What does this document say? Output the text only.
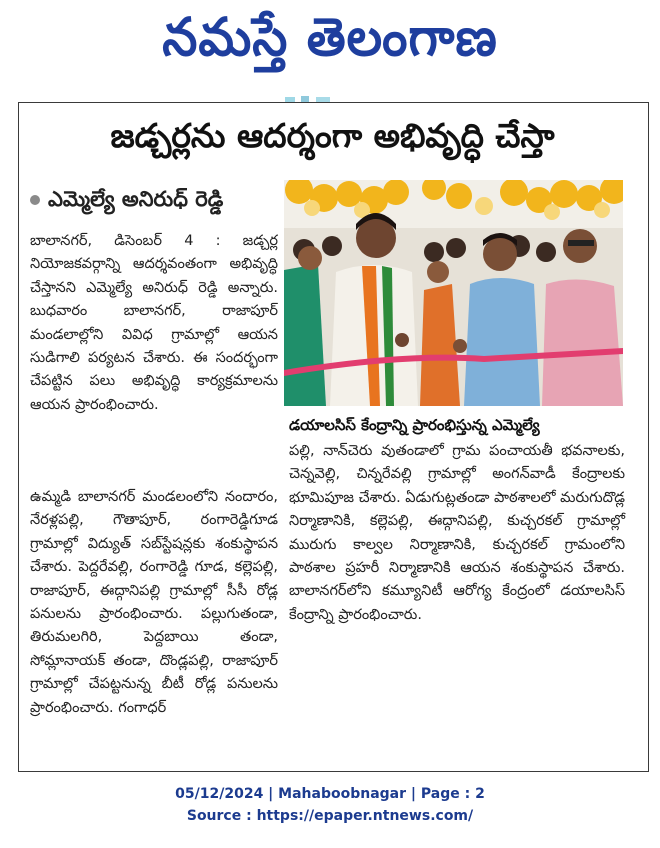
నమస్తే తెలంగాణ
జడ్చర్లను ఆదర్శంగా అభివృద్ధి చేస్తా
ఎమ్మెల్యే అనిరుధ్ రెడ్డి
డయాలసిస్ కేంద్రాన్ని ప్రారంభిస్తున్న ఎమ్మెల్యే
బాలానగర్, డిసెంబర్ 4 : జడ్చర్ల నియోజకవర్గాన్ని ఆదర్శవంతంగా అభివృద్ధి చేస్తానని ఎమ్మెల్యే అనిరుధ్ రెడ్డి అన్నారు. బుధవారం బాలానగర్, రాజాపూర్ మండలాల్లోని వివిధ గ్రామాల్లో ఆయన సుడిగాలి పర్యటన చేశారు. ఈ సందర్భంగా చేపట్టిన పలు అభివృద్ధి కార్యక్రమాలను ఆయన ప్రారంభించారు.
ఉమ్మడి బాలానగర్ మండలంలోని నందారం, నేరళ్లపల్లి, గౌతాపూర్, రంగారెడ్డిగూడ గ్రామాల్లో విద్యుత్ సబ్‌స్టేషన్లకు శంకుస్థాపన చేశారు. పెద్దరేవల్లి, రంగారెడ్డి గూడ, కల్లెపల్లి, రాజాపూర్, ఈద్గానిపల్లి గ్రామాల్లో సీసీ రోడ్ల పనులను ప్రారంభించారు. పల్లుగుతండా, తిరుమలగిరి, పెద్దబాయి తండా, సోమ్లానాయక్ తండా, దొండ్లపల్లి, రాజాపూర్ గ్రామాల్లో చేపట్టనున్న బీటీ రోడ్ల పనులను ప్రారంభించారు. గంగాధర్
పల్లి, నాన్‌చెరు వుతండాలో గ్రామ పంచాయతీ భవనాలకు, చెన్నవెల్లి, చిన్నరేవల్లి గ్రామాల్లో అంగన్‌వాడీ కేంద్రాలకు భూమిపూజ చేశారు. ఏడుగుట్లతండా పాఠశాలలో మరుగుదొడ్ల నిర్మాణానికి, కల్లెపల్లి, ఈద్గానిపల్లి, కుచ్చరకల్ గ్రామాల్లో మురుగు కాల్వల నిర్మాణానికి, కుచ్చరకల్ గ్రామంలోని పాఠశాల ప్రహరీ నిర్మాణానికి ఆయన శంకుస్థాపన చేశారు. బాలానగర్‌లోని కమ్యూనిటీ ఆరోగ్య కేంద్రంలో డయాలసిస్ కేంద్రాన్ని ప్రారంభించారు.
05/12/2024 | Mahaboobnagar | Page : 2
Source : https://epaper.ntnews.com/
